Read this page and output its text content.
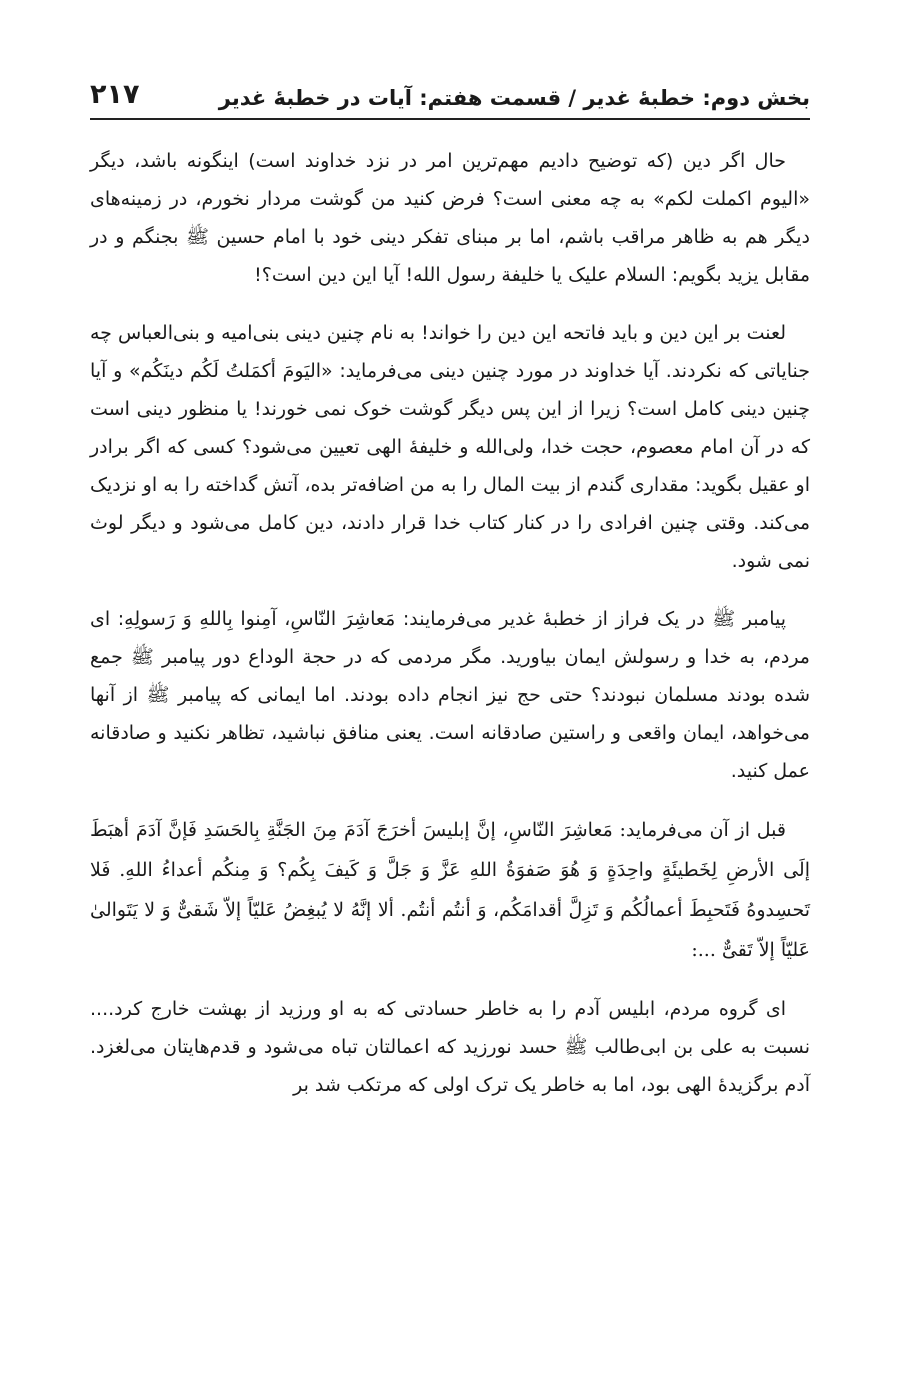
بخش دوم: خطبۀ غدیر / قسمت هفتم: آیات در خطبۀ غدیر
۲۱۷

حال اگر دین (که توضیح دادیم مهم‌ترین امر در نزد خداوند است) اینگونه باشد، دیگر «الیوم اکملت لکم» به چه معنی است؟ فرض کنید من گوشت مردار نخورم، در زمینه‌های دیگر هم به ظاهر مراقب باشم، اما بر مبنای تفکر دینی خود با امام حسین ﷺ بجنگم و در مقابل یزید بگویم: السلام علیک یا خلیفة رسول الله! آیا این دین است؟!

لعنت بر این دین و باید فاتحه این دین را خواند! به نام چنین دینی بنی‌امیه و بنی‌العباس چه جنایاتی که نکردند. آیا خداوند در مورد چنین دینی می‌فرماید: «الیَومَ أکمَلتُ لَکُم دینَکُم» و آیا چنین دینی کامل است؟ زیرا از این پس دیگر گوشت خوک نمی خورند! یا منظور دینی است که در آن امام معصوم، حجت خدا، ولی‌الله و خلیفۀ الهی تعیین می‌شود؟ کسی که اگر برادر او عقیل بگوید: مقداری گندم از بیت المال را به من اضافه‌تر بده، آتش گداخته را به او نزدیک می‌کند. وقتی چنین افرادی را در کنار کتاب خدا قرار دادند، دین کامل می‌شود و دیگر لوث نمی شود.

پیامبر ﷺ در یک فراز از خطبۀ غدیر می‌فرمایند: مَعاشِرَ النّاسِ، آمِنوا بِاللهِ وَ رَسولِهِ: ای مردم، به خدا و رسولش ایمان بیاورید. مگر مردمی که در حجة الوداع دور پیامبر ﷺ جمع شده بودند مسلمان نبودند؟ حتی حج نیز انجام داده بودند. اما ایمانی که پیامبر ﷺ از آنها می‌خواهد، ایمان واقعی و راستین صادقانه است. یعنی منافق نباشید، تظاهر نکنید و صادقانه عمل کنید.

قبل از آن می‌فرماید: مَعاشِرَ النّاسِ، إنَّ إبلیسَ أخرَجَ آدَمَ مِنَ الجَنَّةِ بِالحَسَدِ فَإنَّ آدَمَ أهبَطَ إلَی الأرضِ لِخَطیئَةٍ واحِدَةٍ وَ هُوَ صَفوَةُ اللهِ عَزَّ وَ جَلَّ وَ کَیفَ بِکُم؟ وَ مِنکُم أعداءُ اللهِ. فَلا تَحسِدوهُ فَتَحبِطَ أعمالُکُم وَ تَزِلَّ أقدامَکُم، وَ أنتُم أنتُم. ألا إنَّهُ لا یُبغِضُ عَلیّاً إلاّ شَقیٌّ وَ لا یَتَوالیٰ عَلیّاً إلاّ تَقیٌّ ...:

ای گروه مردم، ابلیس آدم را به خاطر حسادتی که به او ورزید از بهشت خارج کرد.... نسبت به علی بن ابی‌طالب ﷺ حسد نورزید که اعمالتان تباه می‌شود و قدم‌هایتان می‌لغزد. آدم برگزیدۀ الهی بود، اما به خاطر یک ترک اولی که مرتکب شد بر
